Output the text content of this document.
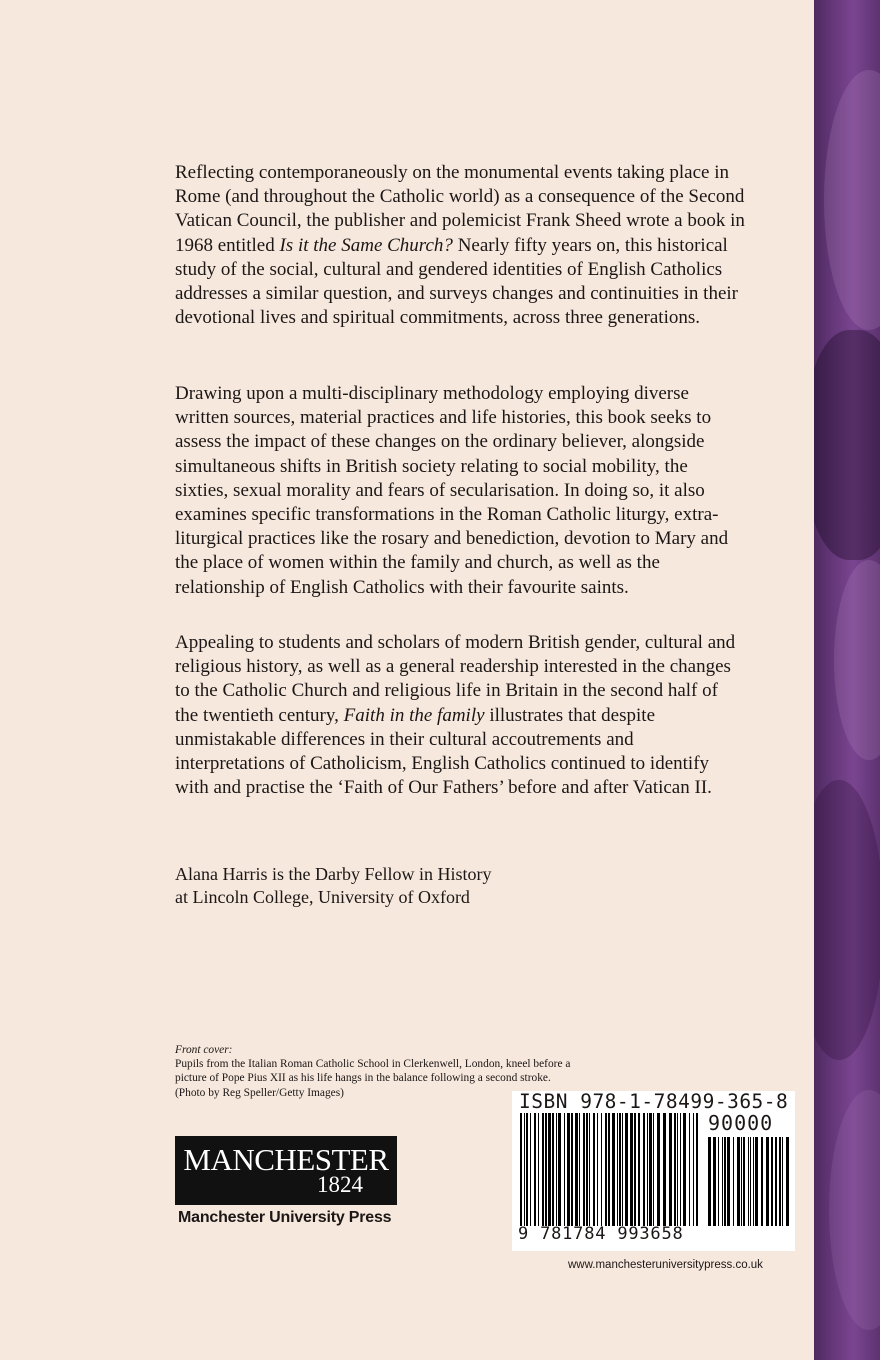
Reflecting contemporaneously on the monumental events taking place in Rome (and throughout the Catholic world) as a consequence of the Second Vatican Council, the publisher and polemicist Frank Sheed wrote a book in 1968 entitled Is it the Same Church? Nearly fifty years on, this historical study of the social, cultural and gendered identities of English Catholics addresses a similar question, and surveys changes and continuities in their devotional lives and spiritual commitments, across three generations.

Drawing upon a multi-disciplinary methodology employing diverse written sources, material practices and life histories, this book seeks to assess the impact of these changes on the ordinary believer, alongside simultaneous shifts in British society relating to social mobility, the sixties, sexual morality and fears of secularisation. In doing so, it also examines specific transformations in the Roman Catholic liturgy, extra-liturgical practices like the rosary and benediction, devotion to Mary and the place of women within the family and church, as well as the relationship of English Catholics with their favourite saints.

Appealing to students and scholars of modern British gender, cultural and religious history, as well as a general readership interested in the changes to the Catholic Church and religious life in Britain in the second half of the twentieth century, Faith in the family illustrates that despite unmistakable differences in their cultural accoutrements and interpretations of Catholicism, English Catholics continued to identify with and practise the ‘Faith of Our Fathers’ before and after Vatican II.

Alana Harris is the Darby Fellow in History

at Lincoln College, University of Oxford

Front cover:

Pupils from the Italian Roman Catholic School in Clerkenwell, London, kneel before a picture of Pope Pius XII as his life hangs in the balance following a second stroke. (Photo by Reg Speller/Getty Images)

MANCHESTER
1824
Manchester University Press
ISBN 978-1-78499-365-8
90000
9 781784 993658
www.manchesteruniversitypress.co.uk
